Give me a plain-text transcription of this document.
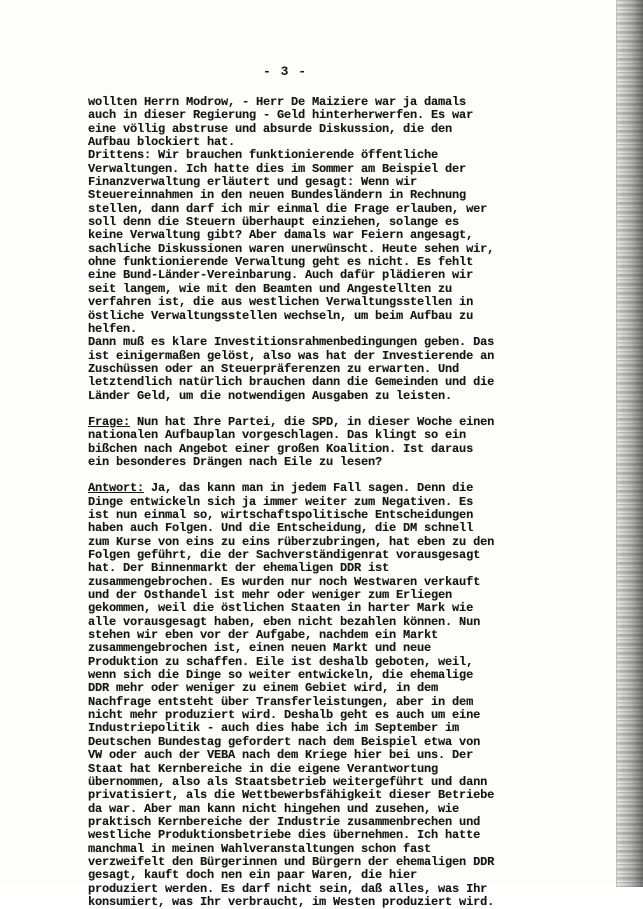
- 3 -
wollten Herrn Modrow, - Herr De Maiziere war ja damals
auch in dieser Regierung - Geld hinterherwerfen. Es war
eine völlig abstruse und absurde Diskussion, die den
Aufbau blockiert hat.
Drittens: Wir brauchen funktionierende öffentliche
Verwaltungen. Ich hatte dies im Sommer am Beispiel der
Finanzverwaltung erläutert und gesagt: Wenn wir
Steuereinnahmen in den neuen Bundesländern in Rechnung
stellen, dann darf ich mir einmal die Frage erlauben, wer
soll denn die Steuern überhaupt einziehen, solange es
keine Verwaltung gibt? Aber damals war Feiern angesagt,
sachliche Diskussionen waren unerwünscht. Heute sehen wir,
ohne funktionierende Verwaltung geht es nicht. Es fehlt
eine Bund-Länder-Vereinbarung. Auch dafür plädieren wir
seit langem, wie mit den Beamten und Angestellten zu
verfahren ist, die aus westlichen Verwaltungsstellen in
östliche Verwaltungsstellen wechseln, um beim Aufbau zu
helfen.
Dann muß es klare Investitionsrahmenbedingungen geben. Das
ist einigermaßen gelöst, also was hat der Investierende an
Zuschüssen oder an Steuerpräferenzen zu erwarten. Und
letztendlich natürlich brauchen dann die Gemeinden und die
Länder Geld, um die notwendigen Ausgaben zu leisten.
Frage: Nun hat Ihre Partei, die SPD, in dieser Woche einen
nationalen Aufbauplan vorgeschlagen. Das klingt so ein
bißchen nach Angebot einer großen Koalition. Ist daraus
ein besonderes Drängen nach Eile zu lesen?
Antwort: Ja, das kann man in jedem Fall sagen. Denn die
Dinge entwickeln sich ja immer weiter zum Negativen. Es
ist nun einmal so, wirtschaftspolitische Entscheidungen
haben auch Folgen. Und die Entscheidung, die DM schnell
zum Kurse von eins zu eins rüberzubringen, hat eben zu den
Folgen geführt, die der Sachverständigenrat vorausgesagt
hat. Der Binnenmarkt der ehemaligen DDR ist
zusammengebrochen. Es wurden nur noch Westwaren verkauft
und der Osthandel ist mehr oder weniger zum Erliegen
gekommen, weil die östlichen Staaten in harter Mark wie
alle vorausgesagt haben, eben nicht bezahlen können. Nun
stehen wir eben vor der Aufgabe, nachdem ein Markt
zusammengebrochen ist, einen neuen Markt und neue
Produktion zu schaffen. Eile ist deshalb geboten, weil,
wenn sich die Dinge so weiter entwickeln, die ehemalige
DDR mehr oder weniger zu einem Gebiet wird, in dem
Nachfrage entsteht über Transferleistungen, aber in dem
nicht mehr produziert wird. Deshalb geht es auch um eine
Industriepolitik - auch dies habe ich im September im
Deutschen Bundestag gefordert nach dem Beispiel etwa von
VW oder auch der VEBA nach dem Kriege hier bei uns. Der
Staat hat Kernbereiche in die eigene Verantwortung
übernommen, also als Staatsbetrieb weitergeführt und dann
privatisiert, als die Wettbewerbsfähigkeit dieser Betriebe
da war. Aber man kann nicht hingehen und zusehen, wie
praktisch Kernbereiche der Industrie zusammenbrechen und
westliche Produktionsbetriebe dies übernehmen. Ich hatte
manchmal in meinen Wahlveranstaltungen schon fast
verzweifelt den Bürgerinnen und Bürgern der ehemaligen DDR
gesagt, kauft doch nen ein paar Waren, die hier
produziert werden. Es darf nicht sein, daß alles, was Ihr
konsumiert, was Ihr verbraucht, im Westen produziert wird.
